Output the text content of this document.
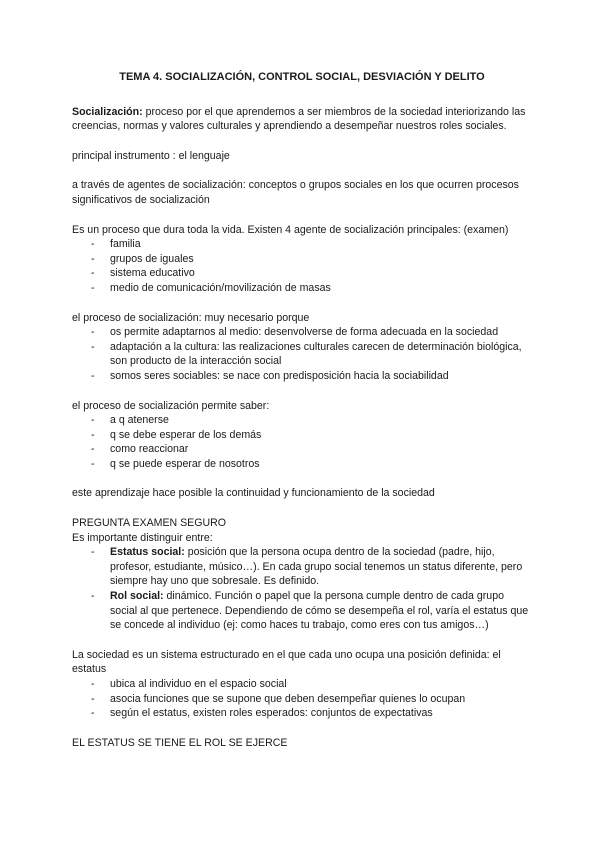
TEMA 4. SOCIALIZACIÓN, CONTROL SOCIAL, DESVIACIÓN Y DELITO

Socialización: proceso por el que aprendemos a ser miembros de la sociedad interiorizando las creencias, normas y valores culturales y aprendiendo a desempeñar nuestros roles sociales.

principal instrumento : el lenguaje

a través de agentes de socialización: conceptos o grupos sociales en los que ocurren procesos significativos de socialización

Es un proceso que dura toda la vida. Existen 4 agente de socialización principales: (examen)

- familia
- grupos de iguales
- sistema educativo
- medio de comunicación/movilización de masas

el proceso de socialización: muy necesario porque

- os permite adaptarnos al medio: desenvolverse de forma adecuada en la sociedad
- adaptación a la cultura: las realizaciones culturales carecen de determinación biológica, son producto de la interacción social
- somos seres sociables: se nace con predisposición hacia la sociabilidad

el proceso de socialización permite saber:

- a q atenerse
- q se debe esperar de los demás
- como reaccionar
- q se puede esperar de nosotros

este aprendizaje hace posible la continuidad y funcionamiento de la sociedad

PREGUNTA EXAMEN SEGURO

Es importante distinguir entre:

- Estatus social: posición que la persona ocupa dentro de la sociedad (padre, hijo, profesor, estudiante, músico…). En cada grupo social tenemos un status diferente, pero siempre hay uno que sobresale. Es definido.
- Rol social: dinámico. Función o papel que la persona cumple dentro de cada grupo social al que pertenece. Dependiendo de cómo se desempeña el rol, varía el estatus que se concede al individuo (ej: como haces tu trabajo, como eres con tus amigos…)

La sociedad es un sistema estructurado en el que cada uno ocupa una posición definida: el estatus

- ubica al individuo en el espacio social
- asocia funciones que se supone que deben desempeñar quienes lo ocupan
- según el estatus, existen roles esperados: conjuntos de expectativas

EL ESTATUS SE TIENE EL ROL SE EJERCE
